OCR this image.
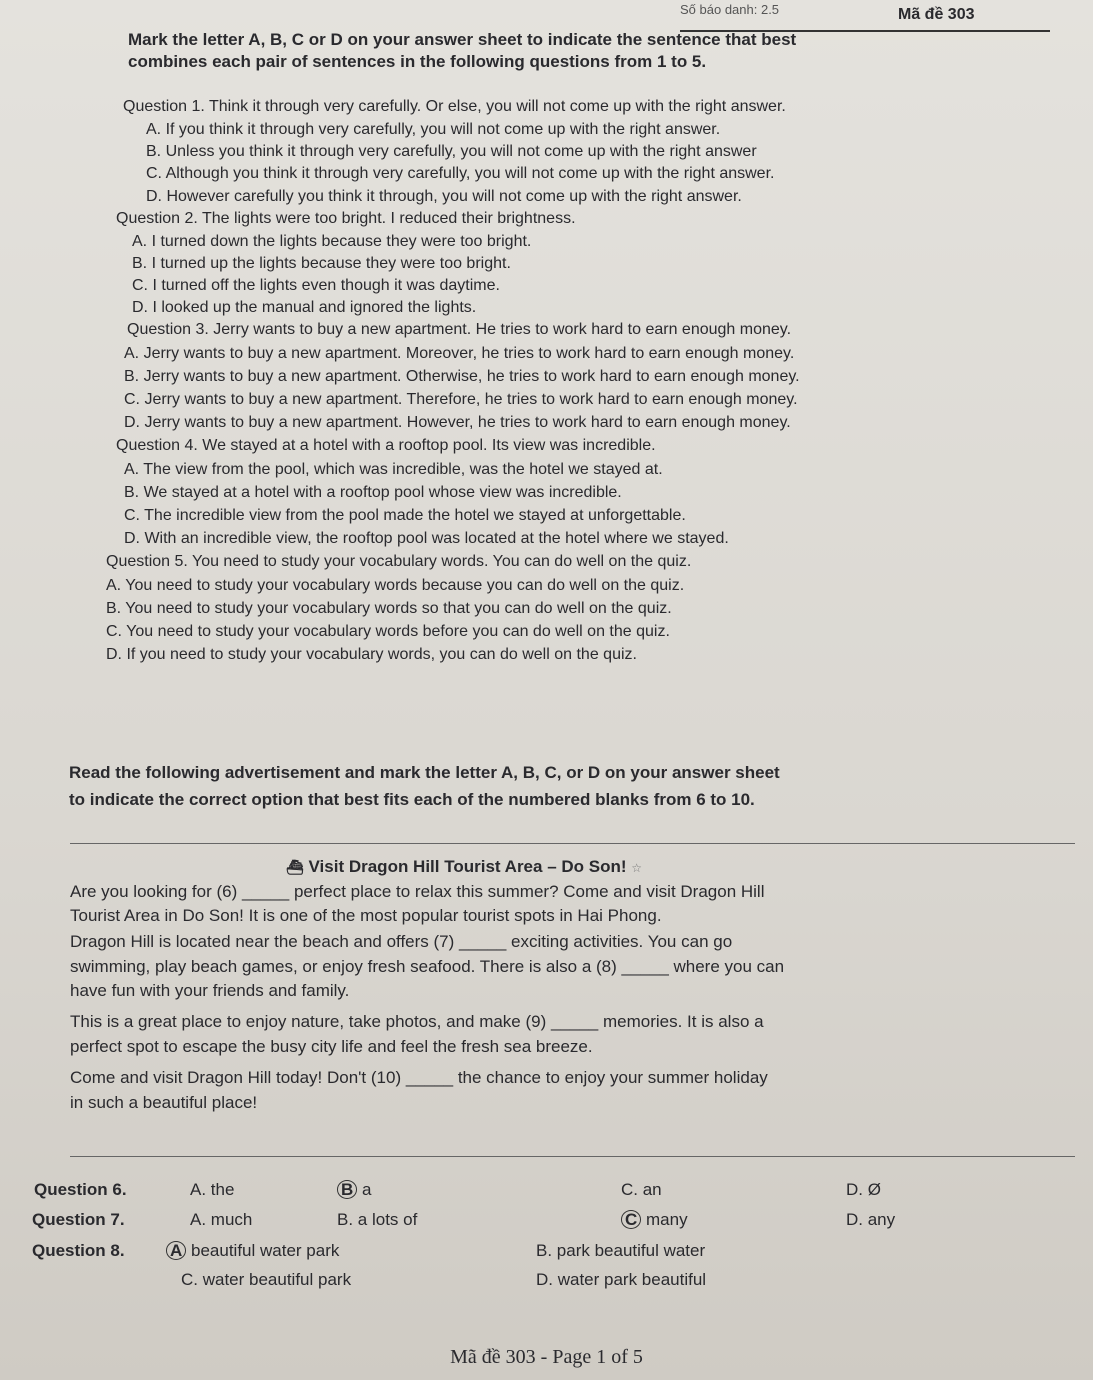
Số báo danh: 2.5	Mã đề 303
Mark the letter A, B, C or D on your answer sheet to indicate the sentence that best
combines each pair of sentences in the following questions from 1 to 5.
Question 1. Think it through very carefully. Or else, you will not come up with the right answer.
A. If you think it through very carefully, you will not come up with the right answer.
B. Unless you think it through very carefully, you will not come up with the right answer
C. Although you think it through very carefully, you will not come up with the right answer.
D. However carefully you think it through, you will not come up with the right answer.
Question 2. The lights were too bright. I reduced their brightness.
A. I turned down the lights because they were too bright.
B. I turned up the lights because they were too bright.
C. I turned off the lights even though it was daytime.
D. I looked up the manual and ignored the lights.
Question 3. Jerry wants to buy a new apartment. He tries to work hard to earn enough money.
A. Jerry wants to buy a new apartment. Moreover, he tries to work hard to earn enough money.
B. Jerry wants to buy a new apartment. Otherwise, he tries to work hard to earn enough money.
C. Jerry wants to buy a new apartment. Therefore, he tries to work hard to earn enough money.
D. Jerry wants to buy a new apartment. However, he tries to work hard to earn enough money.
Question 4. We stayed at a hotel with a rooftop pool. Its view was incredible.
A. The view from the pool, which was incredible, was the hotel we stayed at.
B. We stayed at a hotel with a rooftop pool whose view was incredible.
C. The incredible view from the pool made the hotel we stayed at unforgettable.
D. With an incredible view, the rooftop pool was located at the hotel where we stayed.
Question 5. You need to study your vocabulary words. You can do well on the quiz.
A. You need to study your vocabulary words because you can do well on the quiz.
B. You need to study your vocabulary words so that you can do well on the quiz.
C. You need to study your vocabulary words before you can do well on the quiz.
D. If you need to study your vocabulary words, you can do well on the quiz.
Read the following advertisement and mark the letter A, B, C, or D on your answer sheet
to indicate the correct option that best fits each of the numbered blanks from 6 to 10.
⛴ Visit Dragon Hill Tourist Area – Do Son! ☆
Are you looking for (6) _____ perfect place to relax this summer? Come and visit Dragon Hill
Tourist Area in Do Son! It is one of the most popular tourist spots in Hai Phong.
Dragon Hill is located near the beach and offers (7) _____ exciting activities. You can go
swimming, play beach games, or enjoy fresh seafood. There is also a (8) _____ where you can
have fun with your friends and family.
This is a great place to enjoy nature, take photos, and make (9) _____ memories. It is also a
perfect spot to escape the busy city life and feel the fresh sea breeze.
Come and visit Dragon Hill today! Don't (10) _____ the chance to enjoy your summer holiday
in such a beautiful place!
Question 6.	A. the	B a	C. an	D. Ø
Question 7.	A. much	B. a lots of	C many	D. any
Question 8.	A beautiful water park	B. park beautiful water
C. water beautiful park	D. water park beautiful
Mã đề 303 - Page 1 of 5
